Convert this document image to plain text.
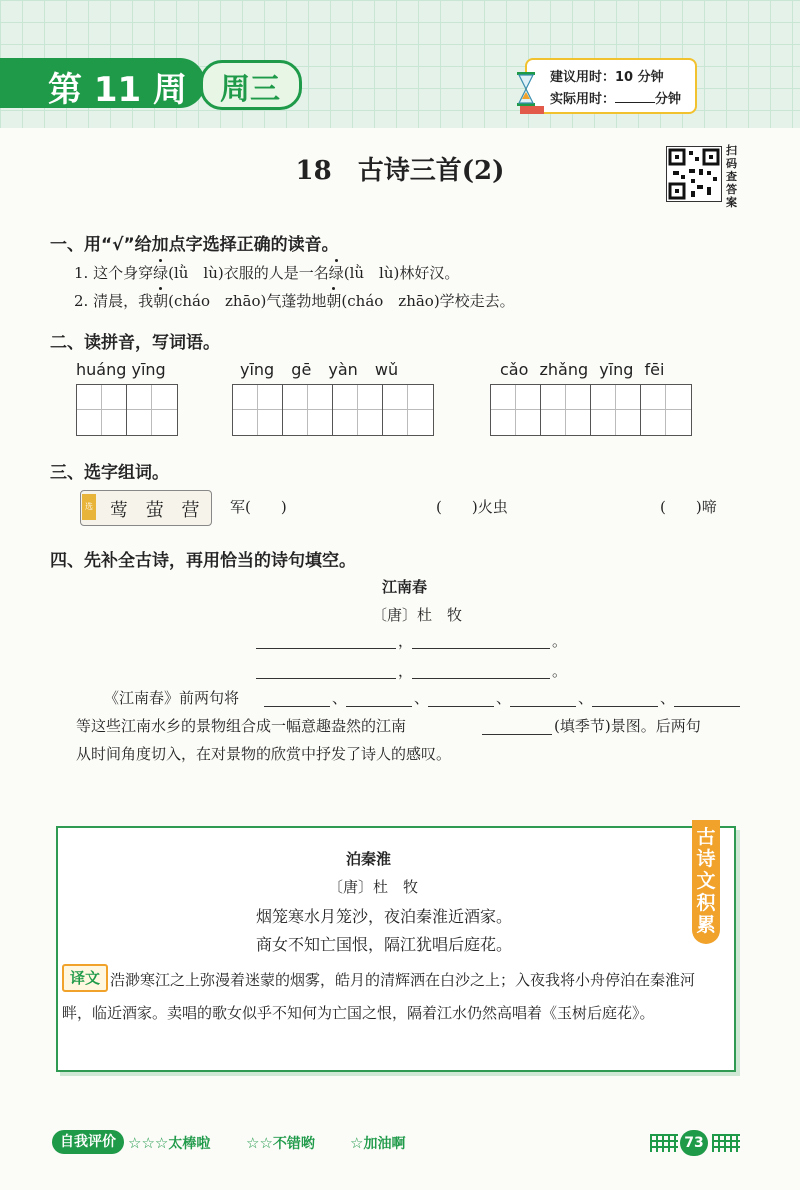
第 11 周 周三	建议用时：10 分钟
实际用时：	分钟
18　古诗三首(2)
扫码查答案
一、用“√”给加点字选择正确的读音。
1. 这个身穿绿(lǜ　lù)衣服的人是一名绿(lǜ　lù)林好汉。
2. 清晨，我朝(cháo　zhāo)气蓬勃地朝(cháo　zhāo)学校走去。
二、读拼音，写词语。
huáng yīng	yīng gē yàn wǔ	cǎo zhǎng yīng fēi
三、选字组词。
选 莺 萤 营 军(　　)	(　　)火虫	(　　)啼
四、先补全古诗，再用恰当的诗句填空。
江南春
〔唐〕杜　牧
，	。
，	。
《江南春》前两句将	、	、	、	、	、
等这些江南水乡的景物组合成一幅意趣盎然的江南	(填季节)景图。后两句
从时间角度切入，在对景物的欣赏中抒发了诗人的感叹。
古诗文积累
泊秦淮
〔唐〕杜　牧
烟笼寒水月笼沙，夜泊秦淮近酒家。
商女不知亡国恨，隔江犹唱后庭花。
浩渺寒江之上弥漫着迷蒙的烟雾，皓月的清辉洒在白沙之上；入夜我将小舟停泊在秦淮河畔，临近酒家。卖唱的歌女似乎不知何为亡国之恨，隔着江水仍然高唱着《玉树后庭花》。
译文
自我评价 ☆☆☆太棒啦 ☆☆不错哟 ☆加油啊	73
